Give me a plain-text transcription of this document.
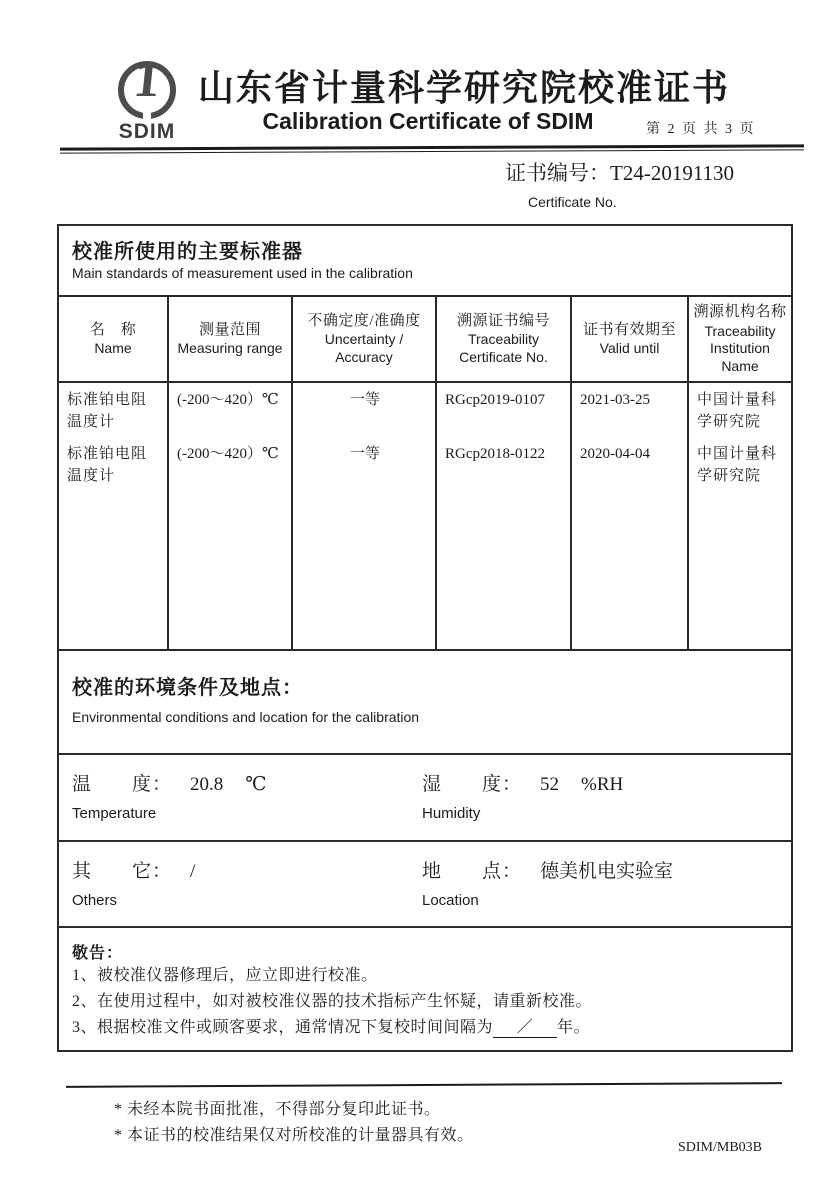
1
SDIM
山东省计量科学研究院校准证书
Calibration Certificate of SDIM	第 2 页 共 3 页
证书编号：T24-20191130
Certificate No.
校准所使用的主要标准器
Main standards of measurement used in the calibration
名　称
Name
标准铂电阻温度计
标准铂电阻温度计
测量范围
Measuring range
(-200～420）℃
(-200～420）℃
不确定度/准确度
Uncertainty / Accuracy
一等
一等
溯源证书编号
Traceability Certificate No.
RGcp2019-0107
RGcp2018-0122
证书有效期至
Valid until
2021-03-25
2020-04-04
溯源机构名称
Traceability Institution Name
中国计量科学研究院
中国计量科学研究院
校准的环境条件及地点：
Environmental conditions and location for the calibration
温　　度： 20.8 ℃
Temperature
湿　　度： 52 %RH
Humidity
其　　它： /
Others
地　　点： 德美机电实验室
Location
敬告：
1、被校准仪器修理后，应立即进行校准。
2、在使用过程中，如对被校准仪器的技术指标产生怀疑，请重新校准。
3、根据校准文件或顾客要求，通常情况下复校时间间隔为 ／ 年。
* 未经本院书面批准，不得部分复印此证书。
* 本证书的校准结果仅对所校准的计量器具有效。
SDIM/MB03B
